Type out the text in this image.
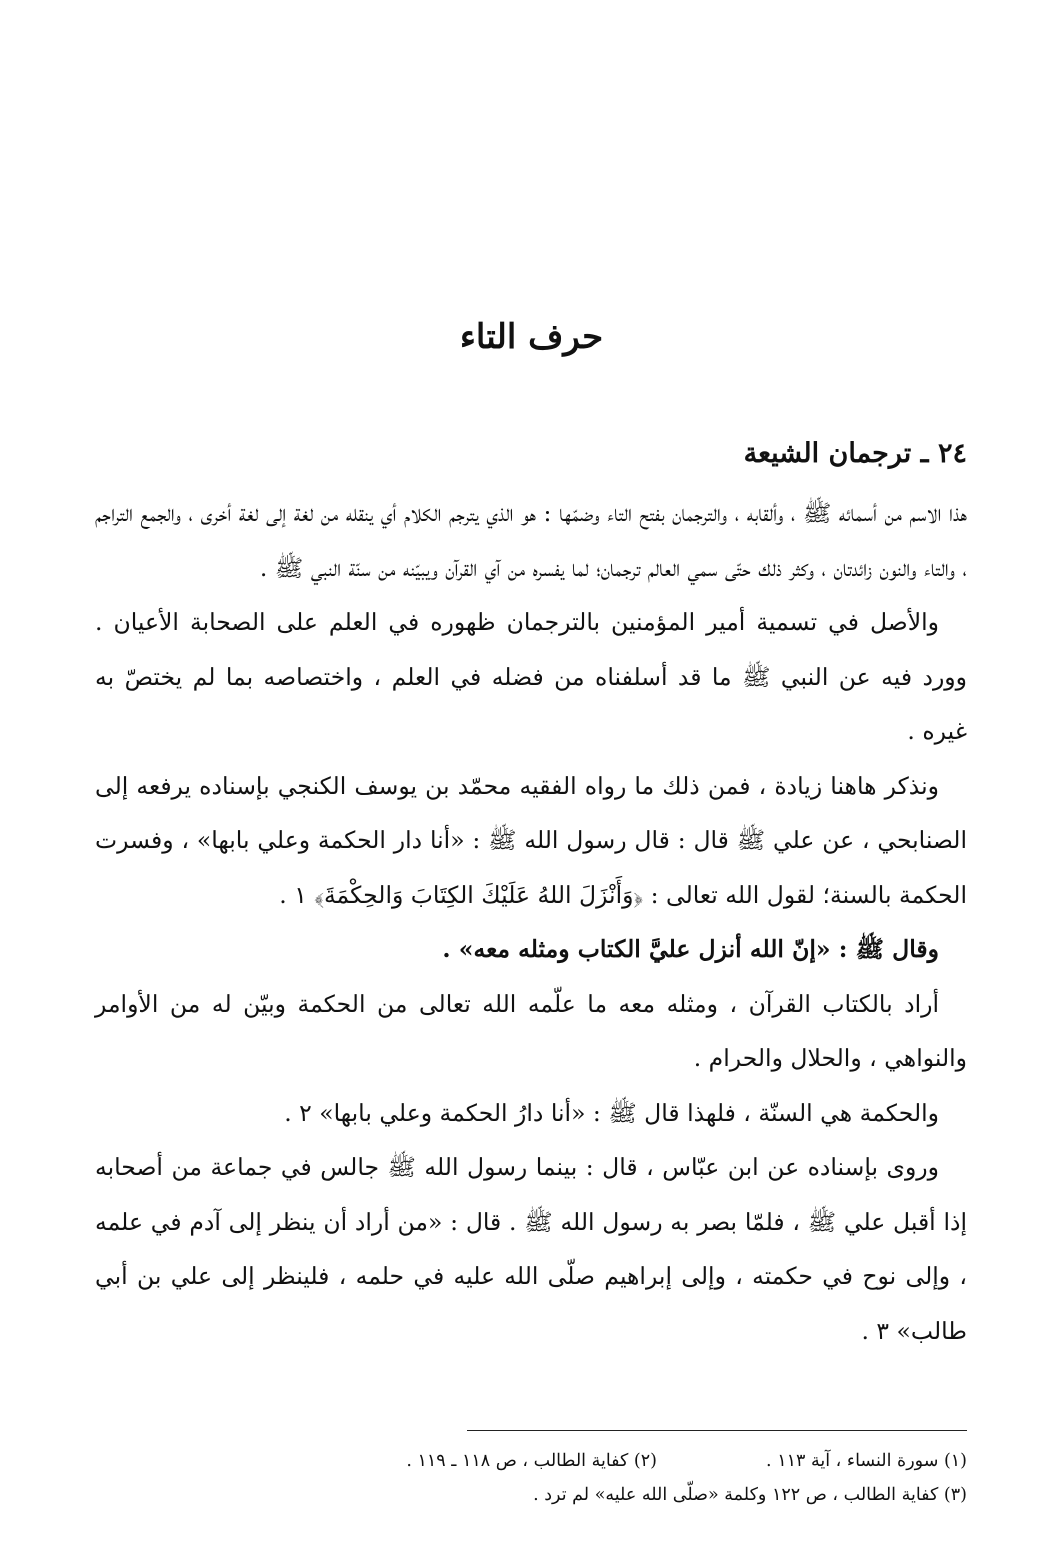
حرف التاء
٢٤ ـ ترجمان الشيعة

هذا الاسم من أسمائه ﷺ ، وألقابه ، والترجمان بفتح التاء وضمّها : هو الذي يترجم الكلام أي ينقله من لغة إلى لغة أخرى ، والجمع التراجم ، والتاء والنون زائدتان ، وكثر ذلك حتّى سمي العالم ترجمان؛ لما يفسره من آي القرآن ويبيّنه من سنّة النبي ﷺ .

والأصل في تسمية أمير المؤمنين بالترجمان ظهوره في العلم على الصحابة الأعيان . وورد فيه عن النبي ﷺ ما قد أسلفناه من فضله في العلم ، واختصاصه بما لم يختصّ به غيره .

ونذكر هاهنا زيادة ، فمن ذلك ما رواه الفقيه محمّد بن يوسف الكنجي بإسناده يرفعه إلى الصنابحي ، عن علي ﷺ قال : قال رسول الله ﷺ : «أنا دار الحكمة وعلي بابها» ، وفسرت الحكمة بالسنة؛ لقول الله تعالى : ﴿وَأَنْزَلَ اللهُ عَلَيْكَ الكِتَابَ وَالحِكْمَةَ﴾ ١ .

وقال ﷺ : «إنّ الله أنزل عليَّ الكتاب ومثله معه» .

أراد بالكتاب القرآن ، ومثله معه ما علّمه الله تعالى من الحكمة وبيّن له من الأوامر والنواهي ، والحلال والحرام .

والحكمة هي السنّة ، فلهذا قال ﷺ : «أنا دارُ الحكمة وعلي بابها» ٢ .

وروى بإسناده عن ابن عبّاس ، قال : بينما رسول الله ﷺ جالس في جماعة من أصحابه إذا أقبل علي ﷺ ، فلمّا بصر به رسول الله ﷺ . قال : «من أراد أن ينظر إلى آدم في علمه ، وإلى نوح في حكمته ، وإلى إبراهيم صلّى الله عليه في حلمه ، فلينظر إلى علي بن أبي طالب» ٣ .

(١) سورة النساء ، آية ١١٣ .
(٢) كفاية الطالب ، ص ١١٨ ـ ١١٩ .
(٣) كفاية الطالب ، ص ١٢٢ وكلمة «صلّى الله عليه» لم ترد .
